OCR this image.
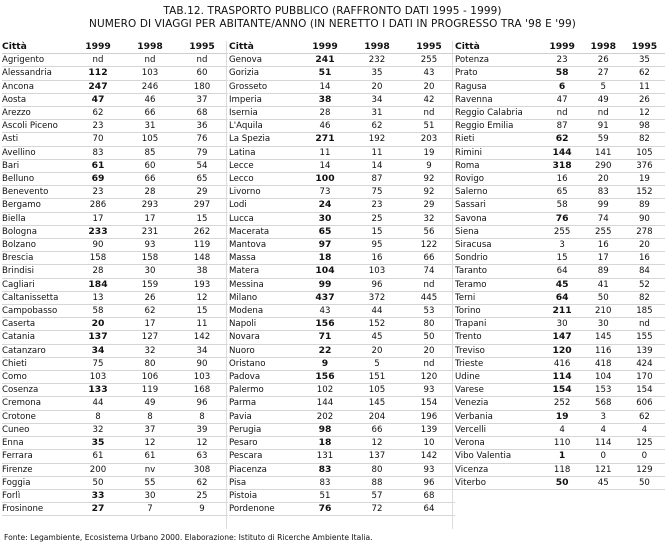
TAB.12. TRASPORTO PUBBLICO (RAFFRONTO DATI 1995 - 1999)
NUMERO DI VIAGGI PER ABITANTE/ANNO (IN NERETTO I DATI IN PROGRESSO TRA '98 E '99)
Città	1999	1998	1995
Agrigento	nd	nd	nd
Alessandria	112	103	60
Ancona	247	246	180
Aosta	47	46	37
Arezzo	62	66	68
Ascoli Piceno	23	31	36
Asti	70	105	76
Avellino	83	85	79
Bari	61	60	54
Belluno	69	66	65
Benevento	23	28	29
Bergamo	286	293	297
Biella	17	17	15
Bologna	233	231	262
Bolzano	90	93	119
Brescia	158	158	148
Brindisi	28	30	38
Cagliari	184	159	193
Caltanissetta	13	26	12
Campobasso	58	62	15
Caserta	20	17	11
Catania	137	127	142
Catanzaro	34	32	34
Chieti	75	80	90
Como	103	106	103
Cosenza	133	119	168
Cremona	44	49	96
Crotone	8	8	8
Cuneo	32	37	39
Enna	35	12	12
Ferrara	61	61	63
Firenze	200	nv	308
Foggia	50	55	62
Forlì	33	30	25
Frosinone	27	7	9
Città	1999	1998	1995
Genova	241	232	255
Gorizia	51	35	43
Grosseto	14	20	20
Imperia	38	34	42
Isernia	28	31	nd
L'Aquila	46	62	51
La Spezia	271	192	203
Latina	11	11	19
Lecce	14	14	9
Lecco	100	87	92
Livorno	73	75	92
Lodi	24	23	29
Lucca	30	25	32
Macerata	65	15	56
Mantova	97	95	122
Massa	18	16	66
Matera	104	103	74
Messina	99	96	nd
Milano	437	372	445
Modena	43	44	53
Napoli	156	152	80
Novara	71	45	50
Nuoro	22	20	20
Oristano	9	5	nd
Padova	156	151	120
Palermo	102	105	93
Parma	144	145	154
Pavia	202	204	196
Perugia	98	66	139
Pesaro	18	12	10
Pescara	131	137	142
Piacenza	83	80	93
Pisa	83	88	96
Pistoia	51	57	68
Pordenone	76	72	64
Città	1999	1998	1995
Potenza	23	26	35
Prato	58	27	62
Ragusa	6	5	11
Ravenna	47	49	26
Reggio Calabria	nd	nd	12
Reggio Emilia	87	91	98
Rieti	62	59	82
Rimini	144	141	105
Roma	318	290	376
Rovigo	16	20	19
Salerno	65	83	152
Sassari	58	99	89
Savona	76	74	90
Siena	255	255	278
Siracusa	3	16	20
Sondrio	15	17	16
Taranto	64	89	84
Teramo	45	41	52
Terni	64	50	82
Torino	211	210	185
Trapani	30	30	nd
Trento	147	145	155
Treviso	120	116	139
Trieste	416	418	424
Udine	114	104	170
Varese	154	153	154
Venezia	252	568	606
Verbania	19	3	62
Vercelli	4	4	4
Verona	110	114	125
Vibo Valentia	1	0	0
Vicenza	118	121	129
Viterbo	50	45	50
Fonte: Legambiente, Ecosistema Urbano 2000. Elaborazione: Istituto di Ricerche Ambiente Italia.
